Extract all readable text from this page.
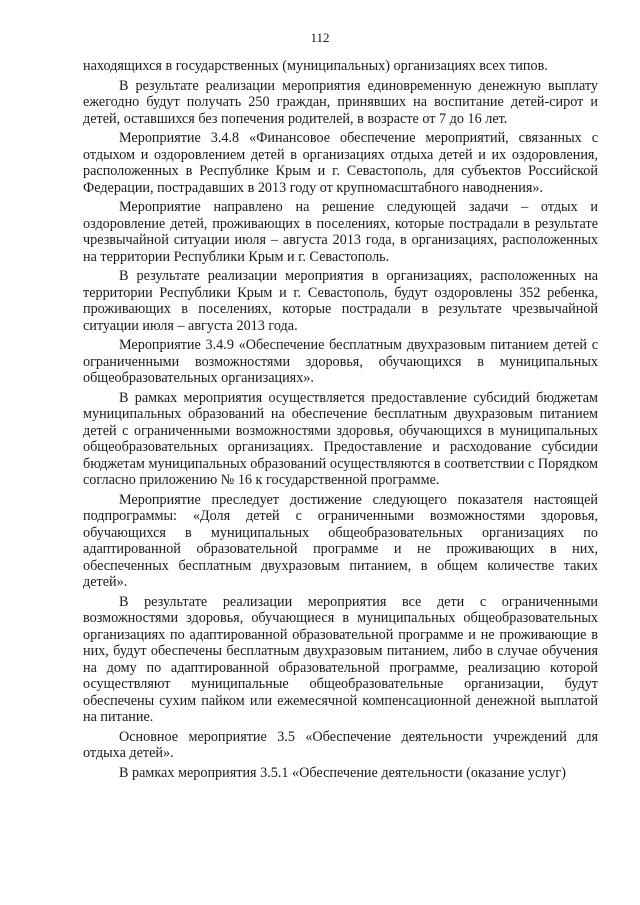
112

находящихся в государственных (муниципальных) организациях всех типов.

В результате реализации мероприятия единовременную денежную выплату ежегодно будут получать 250 граждан, принявших на воспитание детей-сирот и детей, оставшихся без попечения родителей, в возрасте от 7 до 16 лет.

Мероприятие 3.4.8 «Финансовое обеспечение мероприятий, связанных с отдыхом и оздоровлением детей в организациях отдыха детей и их оздоровления, расположенных в Республике Крым и г. Севастополь, для субъектов Российской Федерации, пострадавших в 2013 году от крупномасштабного наводнения».

Мероприятие направлено на решение следующей задачи – отдых и оздоровление детей, проживающих в поселениях, которые пострадали в результате чрезвычайной ситуации июля – августа 2013 года, в организациях, расположенных на территории Республики Крым и г. Севастополь.

В результате реализации мероприятия в организациях, расположенных на территории Республики Крым и г. Севастополь, будут оздоровлены 352 ребенка, проживающих в поселениях, которые пострадали в результате чрезвычайной ситуации июля – августа 2013 года.

Мероприятие 3.4.9 «Обеспечение бесплатным двухразовым питанием детей с ограниченными возможностями здоровья, обучающихся в муниципальных общеобразовательных организациях».

В рамках мероприятия осуществляется предоставление субсидий бюджетам муниципальных образований на обеспечение бесплатным двухразовым питанием детей с ограниченными возможностями здоровья, обучающихся в муниципальных общеобразовательных организациях. Предоставление и расходование субсидии бюджетам муниципальных образований осуществляются в соответствии с Порядком согласно приложению № 16 к государственной программе.

Мероприятие преследует достижение следующего показателя настоящей подпрограммы: «Доля детей с ограниченными возможностями здоровья, обучающихся в муниципальных общеобразовательных организациях по адаптированной образовательной программе и не проживающих в них, обеспеченных бесплатным двухразовым питанием, в общем количестве таких детей».

В результате реализации мероприятия все дети с ограниченными возможностями здоровья, обучающиеся в муниципальных общеобразовательных организациях по адаптированной образовательной программе и не проживающие в них, будут обеспечены бесплатным двухразовым питанием, либо в случае обучения на дому по адаптированной образовательной программе, реализацию которой осуществляют муниципальные общеобразовательные организации, будут обеспечены сухим пайком или ежемесячной компенсационной денежной выплатой на питание.

Основное мероприятие 3.5 «Обеспечение деятельности учреждений для отдыха детей».

В рамках мероприятия 3.5.1 «Обеспечение деятельности (оказание услуг)
